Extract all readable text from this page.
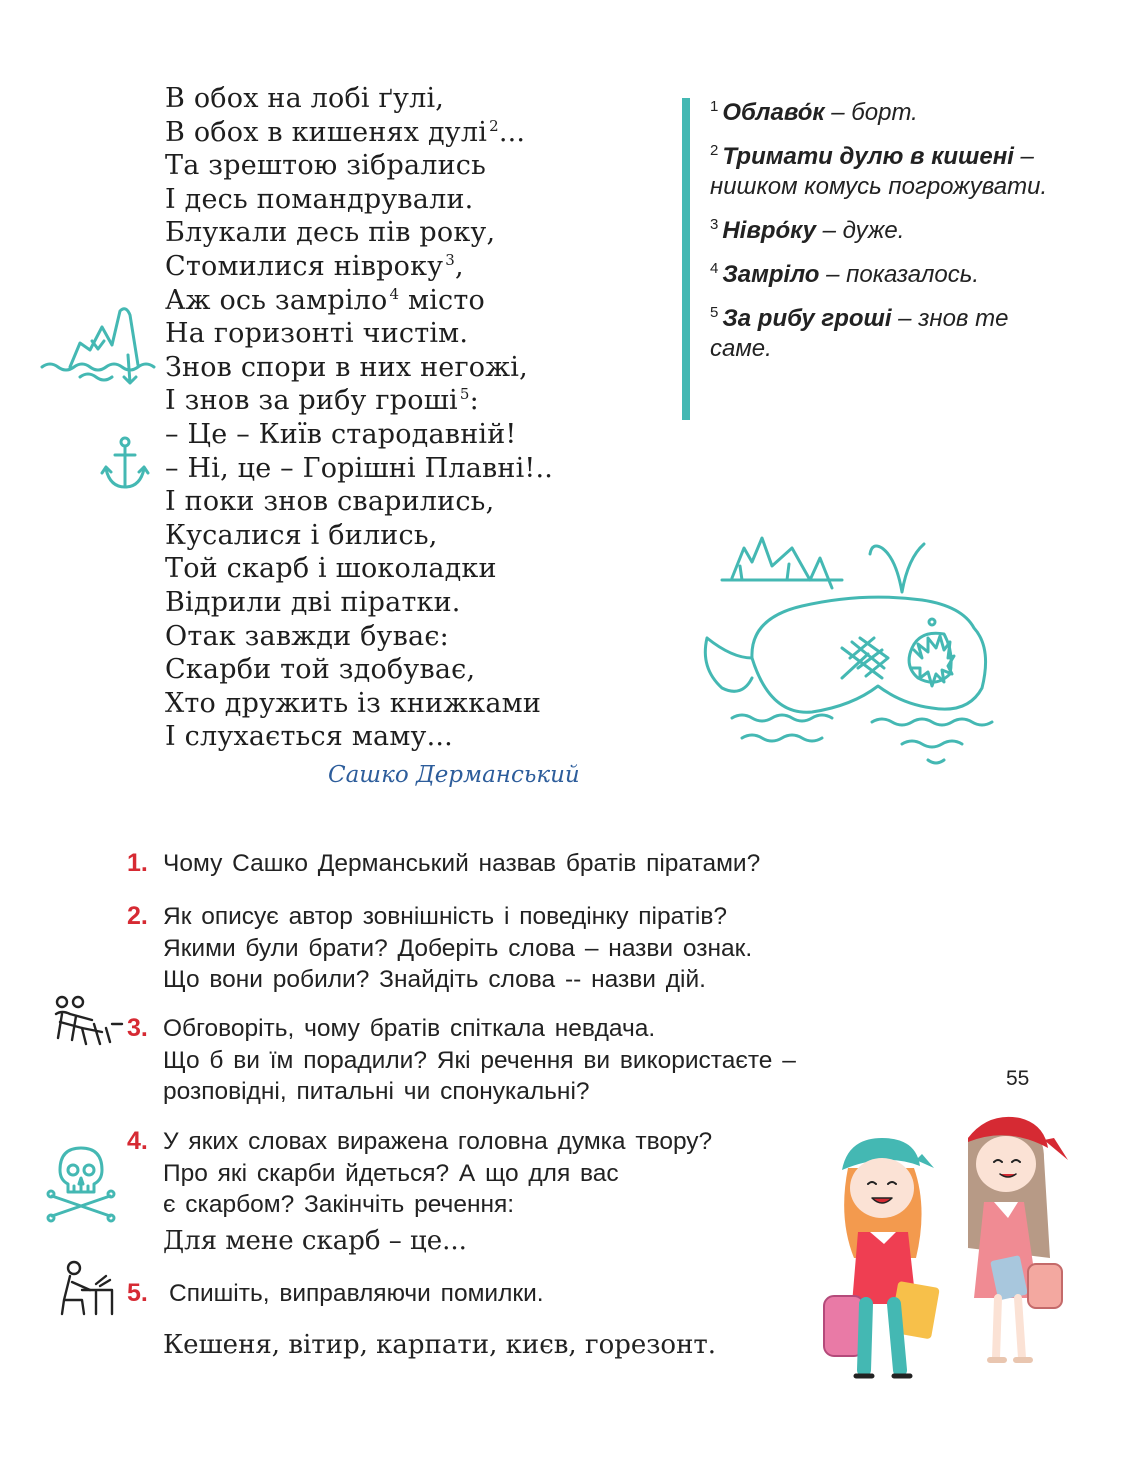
В обох на лобі ґулі,
В обох в кишенях дулі $^2$...
Та зрештою зібрались
І десь помандрували.
Блукали десь пів року,
Стомилися нівроку $^3$,
Аж ось замріло $^4$ місто
На горизонті чистім.
Знов спори в них негожі,
І знов за рибу гроші $^5$:
– Це – Київ стародавній!
– Ні, це – Горішні Плавні!..
І поки знов сварились,
Кусалися і бились,
Той скарб і шоколадки
Відрили дві піратки.
Отак завжди буває:
Скарби той здобуває,
Хто дружить із книжками
І слухається маму...
Сашко Дерманський
$^1$ Облаво́к – борт.
$^2$ Тримати дулю в кишені – нишком комусь погрожувати.
$^3$ Нівро́ку – дуже.
$^4$ Замріло – показалось.
$^5$ За рибу гроші – знов те саме.
1. Чому Сашко Дерманський назвав братів піратами?
2. Як описує автор зовнішність і поведінку піратів?
Якими були брати? Доберіть слова – назви ознак.
Що вони робили? Знайдіть слова -- назви дій.
3. Обговоріть, чому братів спіткала невдача.
Що б ви їм порадили? Які речення ви використаєте –
розповідні, питальні чи спонукальні?
4. У яких словах виражена головна думка твору?
Про які скарби йдеться? А що для вас
є скарбом? Закінчіть речення:
Для мене скарб – це...
5. Спишіть, виправляючи помилки.
Кешеня, вітир, карпати, києв, горезонт.
55
